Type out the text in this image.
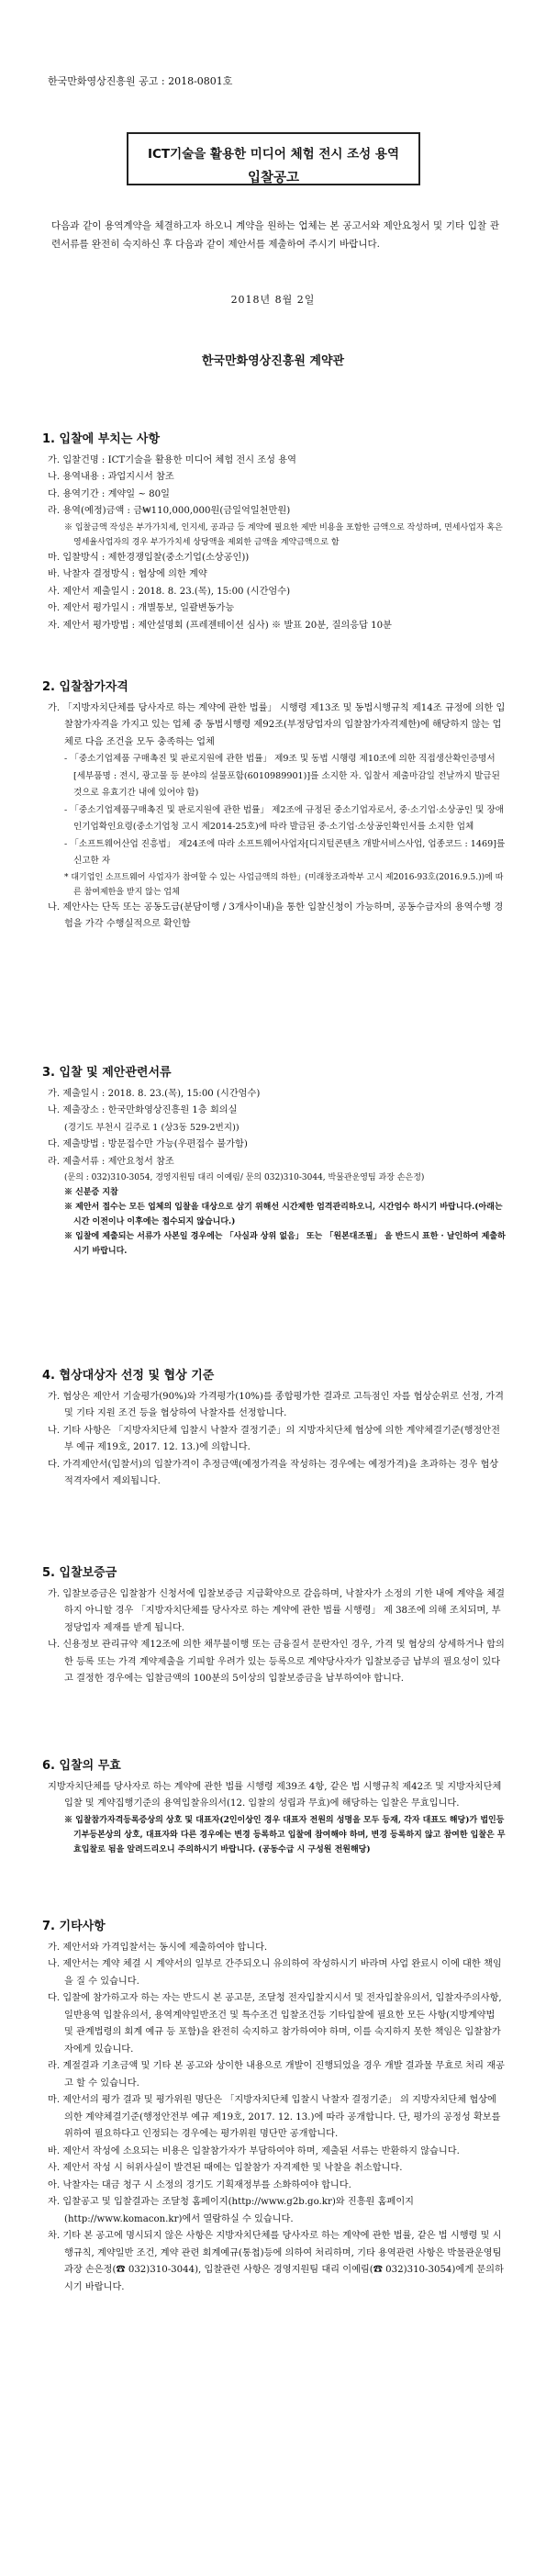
한국만화영상진흥원 공고 : 2018-0801호
ICT기술을 활용한 미디어 체험 전시 조성 용역
입찰공고
다음과 같이 용역계약을 체결하고자 하오니 계약을 원하는 업체는 본 공고서와 제안요청서 및 기타 입찰 관련서류를 완전히 숙지하신 후 다음과 같이 제안서를 제출하여 주시기 바랍니다.
2018년 8월 2일
한국만화영상진흥원 계약관
1. 입찰에 부치는 사항

가. 입찰건명 : ICT기술을 활용한 미디어 체험 전시 조성 용역

나. 용역내용 : 과업지시서 참조

다. 용역기간 : 계약일 ~ 80일

라. 용역(예정)금액 : 금₩110,000,000원(금일억일천만원)

※ 입찰금액 작성은 부가가치세, 인지세, 공과금 등 계약에 필요한 제반 비용을 포함한 금액으로 작성하며, 면세사업자 혹은 영세율사업자의 경우 부가가치세 상당액을 제외한 금액을 계약금액으로 함

마. 입찰방식 : 제한경쟁입찰(중소기업(소상공인))

바. 낙찰자 결정방식 : 협상에 의한 계약

사. 제안서 제출일시 : 2018. 8. 23.(목), 15:00 (시간엄수)

아. 제안서 평가일시 : 개별통보, 일괄변동가능

자. 제안서 평가방법 : 제안설명회 (프레젠테이션 심사) ※ 발표 20분, 질의응답 10분

2. 입찰참가자격

가. 「지방자치단체를 당사자로 하는 계약에 관한 법률」 시행령 제13조 및 동법시행규칙 제14조 규정에 의한 입찰참가자격을 가지고 있는 업체 중 동법시행령 제92조(부정당업자의 입찰참가자격제한)에 해당하지 않는 업체로 다음 조건을 모두 충족하는 업체

- 「중소기업제품 구매촉진 및 판로지원에 관한 법률」 제9조 및 동법 시행령 제10조에 의한 직접생산확인증명서[세부품명 : 전시, 광고물 등 분야의 설물포함(6010989901)]를 소지한 자. 입찰서 제출마감일 전날까지 발급된 것으로 유효기간 내에 있어야 함)

- 「중소기업제품구매촉진 및 판로지원에 관한 법률」 제2조에 규정된 중소기업자로서, 중·소기업·소상공인 및 장애인기업확인요령(중소기업청 고시 제2014-25호)에 따라 발급된 중·소기업·소상공인확인서를 소지한 업체

- 「소프트웨어산업 진흥법」 제24조에 따라 소프트웨어사업자[디지털콘텐츠 개발서비스사업, 업종코드 : 1469]를 신고한 자

* 대기업인 소프트웨어 사업자가 참여할 수 있는 사업금액의 하한」(미래창조과학부 고시 제2016-93호(2016.9.5.))에 따른 참여제한을 받지 않는 업체

나. 제안사는 단독 또는 공동도급(분담이행 / 3개사이내)을 통한 입찰신청이 가능하며, 공동수급자의 용역수행 경험을 가각 수행실적으로 확인함

3. 입찰 및 제안관련서류

가. 제출일시 : 2018. 8. 23.(목), 15:00 (시간엄수)

나. 제출장소 : 한국만화영상진흥원 1층 회의실

(경기도 부천시 길주로 1 (상3동 529-2번지))

다. 제출방법 : 방문접수만 가능(우편접수 불가함)

라. 제출서류 : 제안요청서 참조

(문의 : 032)310-3054, 경영지원팀 대리 이예림/ 문의 032)310-3044, 박물관운영팀 과장 손은정)

※ 신분증 지참

※ 제안서 접수는 모든 업체의 입찰을 대상으로 삼기 위해선 시간제한 엄격관리하오니, 시간엄수 하시기 바랍니다.(아래는 시간 이전이나 이후에는 접수되지 않습니다.)

※ 입찰에 제출되는 서류가 사본일 경우에는 「사실과 상위 없음」 또는 「원본대조필」 을 반드시 표한 · 날인하여 제출하시기 바랍니다.

4. 협상대상자 선정 및 협상 기준

가. 협상은 제안서 기술평가(90%)와 가격평가(10%)를 종합평가한 결과로 고득점인 자를 협상순위로 선정, 가격 및 기타 지원 조건 등을 협상하여 낙찰자를 선정합니다.

나. 기타 사항은 「지방자치단체 입찰시 낙찰자 결정기준」의 지방자치단체 협상에 의한 계약체결기준(행정안전부 예규 제19호, 2017. 12. 13.)에 의합니다.

다. 가격제안서(입찰서)의 입찰가격이 추정금액(예정가격을 작성하는 경우에는 예정가격)을 초과하는 경우 협상적격자에서 제외됩니다.

5. 입찰보증금

가. 입찰보증금은 입찰참가 신청서에 입찰보증금 지급확약으로 갈음하며, 낙찰자가 소정의 기한 내에 계약을 체결하지 아니할 경우 「지방자치단체를 당사자로 하는 계약에 관한 법률 시행령」 제 38조에 의해 조치되며, 부정당업자 제재를 받게 됩니다.

나. 신용정보 관리규약 제12조에 의한 채무불이행 또는 금융질서 문란자인 경우, 가격 및 협상의 상세하거나 합의한 등록 또는 가격 계약제출을 기피할 우려가 있는 등록으로 계약당사자가 입찰보증금 납부의 필요성이 있다고 결정한 경우에는 입찰금액의 100분의 5이상의 입찰보증금을 납부하여야 합니다.

6. 입찰의 무효

지방자치단체를 당사자로 하는 계약에 관한 법률 시행령 제39조 4항, 같은 법 시행규칙 제42조 및 지방자치단체 입찰 및 계약집행기준의 용역입찰유의서(12. 입찰의 성립과 무효)에 해당하는 입찰은 무효입니다.

※ 입찰참가자격등록증상의 상호 및 대표자(2인이상인 경우 대표자 전원의 성명을 모두 등재, 각자 대표도 해당)가 법인등기부등본상의 상호, 대표자와 다른 경우에는 변경 등록하고 입찰에 참여해야 하며, 변경 등록하지 않고 참여한 입찰은 무효입찰로 됨을 알려드리오니 주의하시기 바랍니다. (공동수급 시 구성원 전원해당)

7. 기타사항

가. 제안서와 가격입찰서는 동시에 제출하여야 합니다.

나. 제안서는 계약 체결 시 계약서의 일부로 간주되오니 유의하여 작성하시기 바라며 사업 완료시 이에 대한 책임을 질 수 있습니다.

다. 입찰에 참가하고자 하는 자는 반드시 본 공고문, 조달청 전자입찰지시서 및 전자입찰유의서, 입찰자주의사항, 일반용역 입찰유의서, 용역계약일반조건 및 특수조건 입찰조건등 기타입찰에 필요한 모든 사항(지방계약법 및 관계법령의 회계 예규 등 포함)을 완전히 숙지하고 참가하여야 하며, 이를 숙지하지 못한 책임은 입찰참가자에게 있습니다.

라. 계절결과 기초금액 및 기타 본 공고와 상이한 내용으로 개발이 진행되었을 경우 개발 결과물 무효로 처리 재공고 할 수 있습니다.

마. 제안서의 평가 결과 및 평가위원 명단은 「지방자치단체 입찰시 낙찰자 결정기준」 의 지방자치단체 협상에 의한 계약체결기준(행정안전부 예규 제19호, 2017. 12. 13.)에 따라 공개합니다. 단, 평가의 공정성 확보를 위하여 필요하다고 인정되는 경우에는 평가위원 명단만 공개합니다.

바. 제안서 작성에 소요되는 비용은 입찰참가자가 부담하여야 하며, 제출된 서류는 반환하지 않습니다.

사. 제안서 작성 시 허위사실이 발견된 때에는 입찰참가 자격제한 및 낙찰을 취소합니다.

아. 낙찰자는 대금 청구 시 소정의 경기도 기획재정부를 소화하여야 합니다.

자. 입찰공고 및 입찰결과는 조달청 홈페이지(http://www.g2b.go.kr)와 진흥원 홈페이지(http://www.komacon.kr)에서 열람하실 수 있습니다.

차. 기타 본 공고에 명시되지 않은 사항은 지방자치단체를 당사자로 하는 계약에 관한 법률, 같은 법 시행령 및 시행규칙, 계약일반 조건, 계약 관련 회계예규(통첩)등에 의하여 처리하며, 기타 용역관련 사항은 박물관운영팀 과장 손은정(☎ 032)310-3044), 입찰관련 사항은 경영지원팀 대리 이예림(☎ 032)310-3054)에게 문의하시기 바랍니다.
